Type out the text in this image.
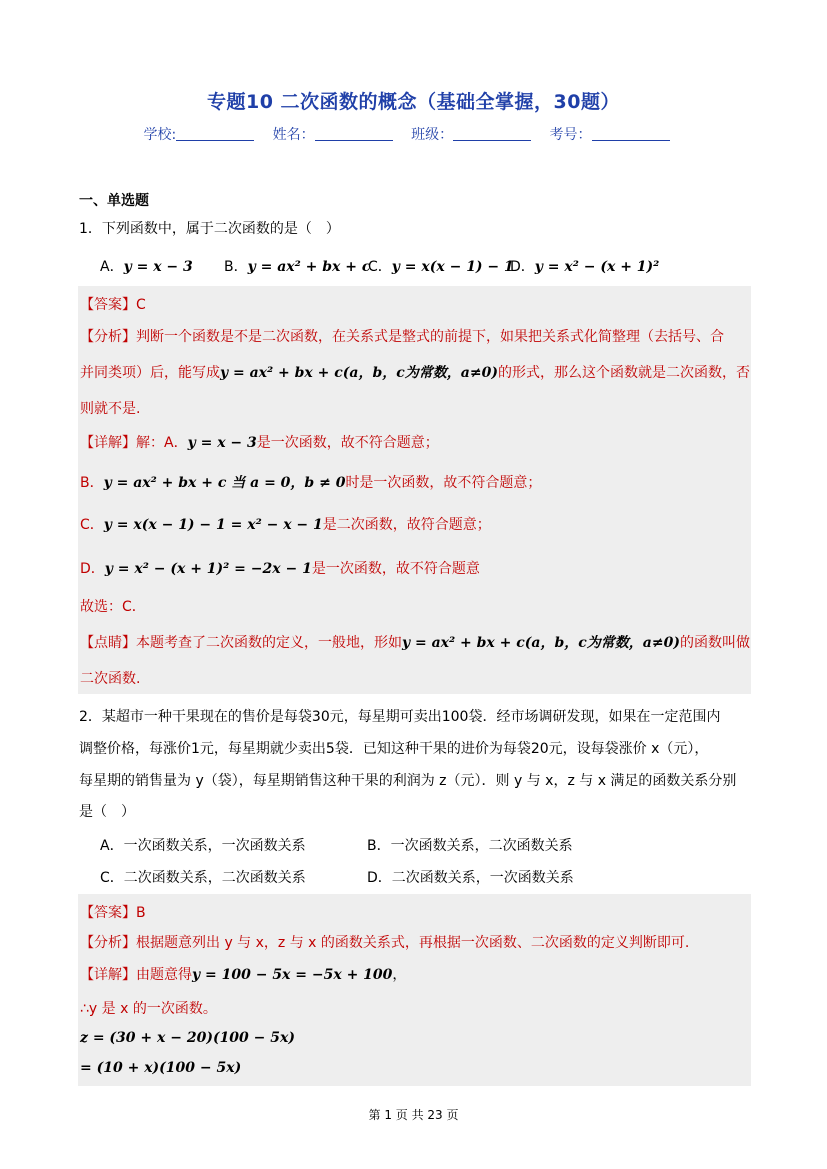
专题10 二次函数的概念（基础全掌握，30题）
学校:	姓名：	班级：	考号：
一、单选题
1．下列函数中，属于二次函数的是（　）
A．y = x − 3 B．y = ax² + bx + c
C．y = x(x − 1) − 1
D．y = x² − (x + 1)²
【答案】C
【分析】判断一个函数是不是二次函数，在关系式是整式的前提下，如果把关系式化简整理（去括号、合
并同类项）后，能写成y = ax² + bx + c(a，b，c为常数，a≠0)的形式，那么这个函数就是二次函数，否
则就不是.
【详解】解：A．y = x − 3是一次函数，故不符合题意；
B．y = ax² + bx + c 当 a = 0，b ≠ 0时是一次函数，故不符合题意；
C．y = x(x − 1) − 1 = x² − x − 1是二次函数，故符合题意；
D．y = x² − (x + 1)² = −2x − 1是一次函数，故不符合题意
故选：C．
【点睛】本题考查了二次函数的定义，一般地，形如y = ax² + bx + c(a，b，c为常数，a≠0)的函数叫做
二次函数.
2．某超市一种干果现在的售价是每袋30元，每星期可卖出100袋．经市场调研发现，如果在一定范围内
调整价格，每涨价1元，每星期就少卖出5袋．已知这种干果的进价为每袋20元，设每袋涨价 x（元），
每星期的销售量为 y（袋），每星期销售这种干果的利润为 z（元）．则 y 与 x，z 与 x 满足的函数关系分别
是（　）
A．一次函数关系，一次函数关系	B．一次函数关系，二次函数关系
C．二次函数关系，二次函数关系	D．二次函数关系，一次函数关系
【答案】B
【分析】根据题意列出 y 与 x，z 与 x 的函数关系式，再根据一次函数、二次函数的定义判断即可.
【详解】由题意得y = 100 − 5x = −5x + 100，
∴y 是 x 的一次函数。
z = (30 + x − 20)(100 − 5x)
= (10 + x)(100 − 5x)
第 1 页 共 23 页
